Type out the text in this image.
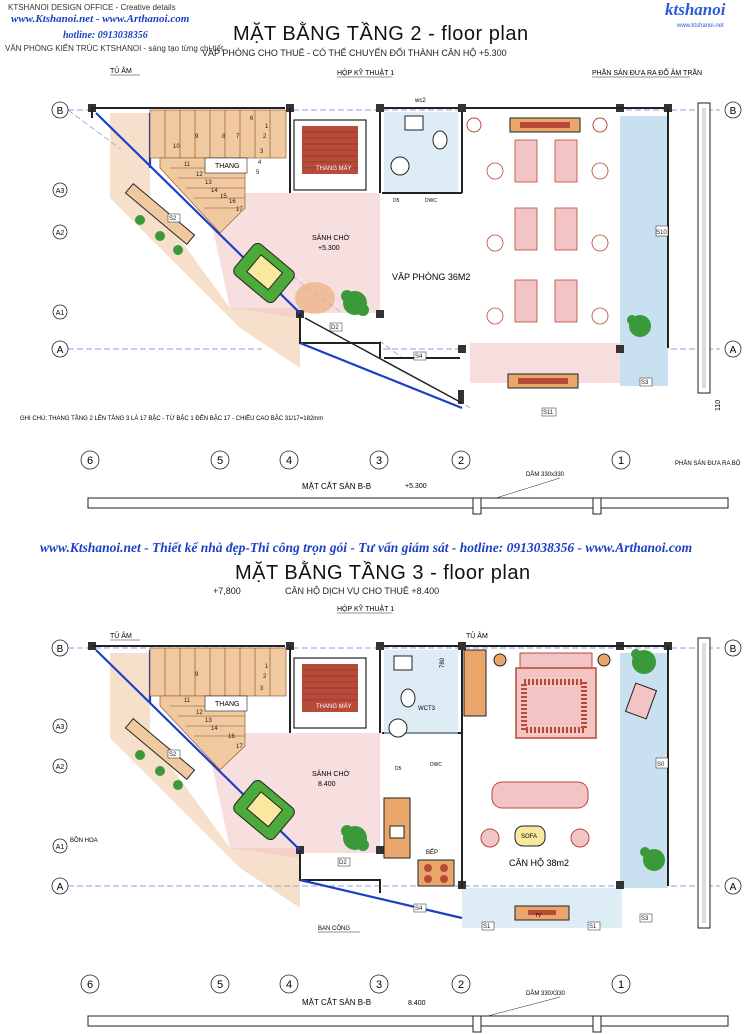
KTSHANOI DESIGN OFFICE - Creative details
www.Ktshanoi.net - www.Arthanoi.com
hotline: 0913038356
VĂN PHÒNG KIẾN TRÚC KTSHANOI - sáng tạo từng chi tiết
ktshanoi
$^{www.ktshanoi.net}$
MẶT BẰNG TẦNG 2 - floor plan
VĂP PHÒNG CHO THUÊ - CÓ THỂ CHUYỂN ĐỔI THÀNH CĂN HỘ +5.300
TỦ ÂM	HỘP KỸ THUẬT 1	PHẦN SÀN ĐƯA RA ĐỔ ÂM TRẦN
wc2
B
A3
A2
A1
A
B
A
1
2
3
4
5
6
7
8
9
10
11
12
13
14
15
16
17
THANG	THANG MÁY
D5	DWC
SẢNH CHỜ
+5.300
VĂP PHÒNG 36M2
D2
S2
S4
S3
S11
S10
GHI CHÚ: THANG TẦNG 2 LÊN TẦNG 3 LÀ 17 BẬC - TỪ BẬC 1 ĐẾN BẬC 17 - CHIỀU CAO BẬC 31/17=182mm
110
6	5	4	3	2	1	PHẦN SÀN ĐƯA RA BỘ
MẶT CẮT SÀN B-B	+5.300
DẦM 330x330
www.Ktshanoi.net - Thiết kế nhà đẹp-Thi công trọn gói - Tư vấn giám sát - hotline: 0913038356 - www.Arthanoi.com
MẶT BẰNG TẦNG 3 - floor plan
CĂN HỘ DỊCH VỤ CHO THUÊ +8.400
+7,800
TỦ ÂM
HỘP KỸ THUẬT 1
TỦ ÂM
B
A3
A2
A1
A
B
A
1
2
3
9
11
12
13
14
16
17
THANG	THANG MÁY	WCT3
780
DWC
D5
SẢNH CHỜ
8.400
BỒN HOA
BẾP
SOFA
CĂN HỘ 38m2
TV
D2
S2
S4
S3
S1	S1
S0
BAN CÔNG
6	5	4	3	2	1
MẶT CẮT SÀN B-B	8.400
DẦM 330X330
